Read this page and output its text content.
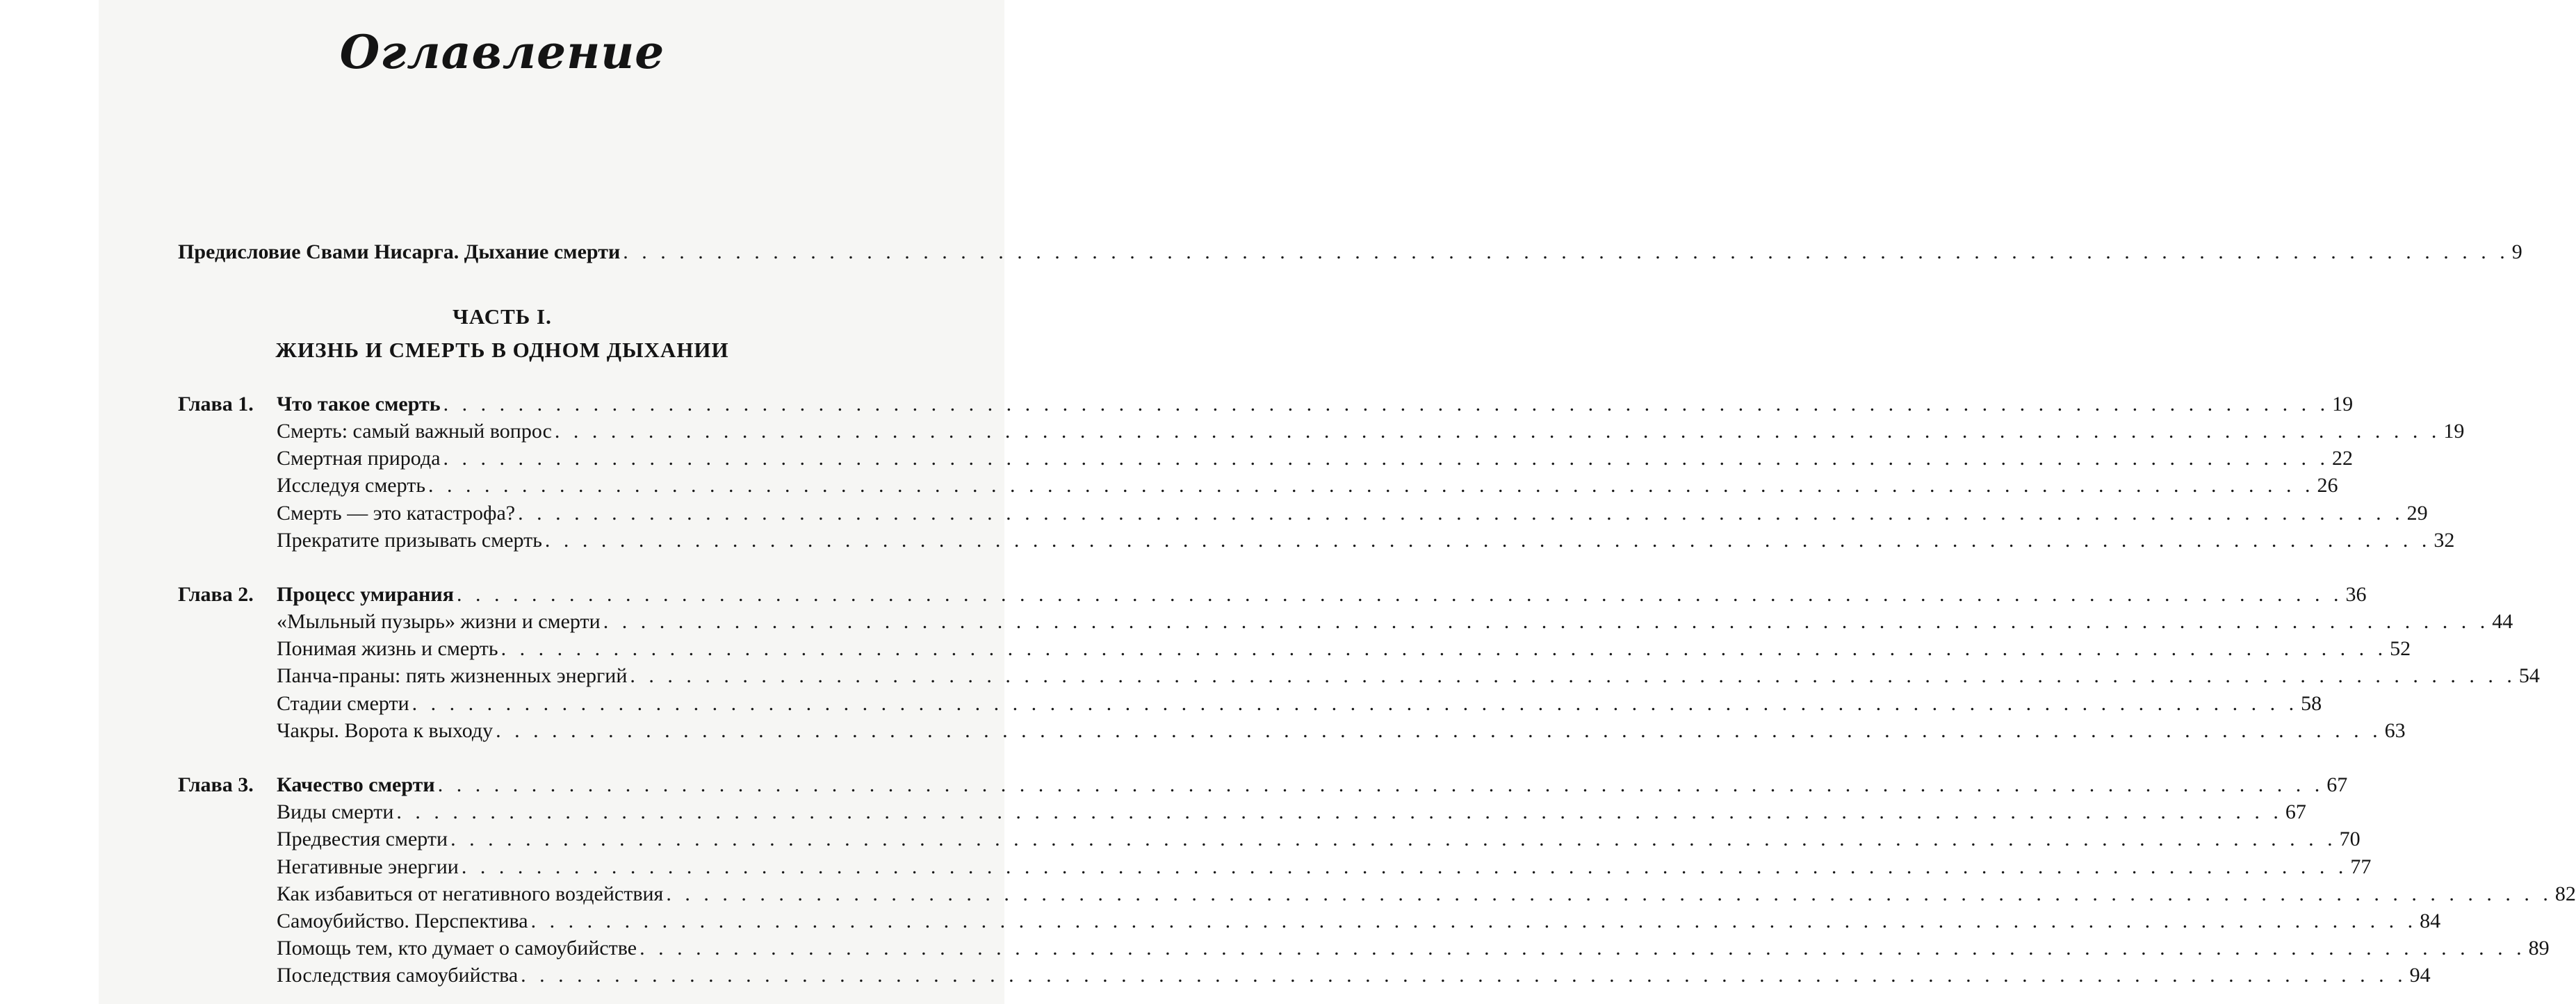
Оглавление
Предисловие Свами Нисарга. Дыхание смерти . . . . . . . . . . . . . . . . . . . . . . . . . . . . . . . . . . . . . . . . . . . . . . . . . . . . . . . . . . . . . . . . . . . . . . . . . . . . . . . . . . . . . . . . . . . . . . . . . . . . . 9
ЧАСТЬ I.
ЖИЗНЬ И СМЕРТЬ В ОДНОМ ДЫХАНИИ
Глава 1. Что такое смерть . . . . . . . . . . . . . . . . . . . . . . . . . . . . . . . . . . . . . . . . . . . . . . . . . . . . . . . . . . . . . . . . . . . . . . . . . . . . . . . . . . . . . . . . . . . . . . . . . . . . . 19
Смерть: самый важный вопрос . . . . . . . . . . . . . . . . . . . . . . . . . . . . . . . . . . . . . . . . . . . . . . . . . . . . . . . . . . . . . . . . . . . . . . . . . . . . . . . . . . . . . . . . . . . . . . . . . . . . . 19
Смертная природа . . . . . . . . . . . . . . . . . . . . . . . . . . . . . . . . . . . . . . . . . . . . . . . . . . . . . . . . . . . . . . . . . . . . . . . . . . . . . . . . . . . . . . . . . . . . . . . . . . . . . 22
Исследуя смерть . . . . . . . . . . . . . . . . . . . . . . . . . . . . . . . . . . . . . . . . . . . . . . . . . . . . . . . . . . . . . . . . . . . . . . . . . . . . . . . . . . . . . . . . . . . . . . . . . . . . . 26
Смерть — это катастрофа? . . . . . . . . . . . . . . . . . . . . . . . . . . . . . . . . . . . . . . . . . . . . . . . . . . . . . . . . . . . . . . . . . . . . . . . . . . . . . . . . . . . . . . . . . . . . . . . . . . . . . 29
Прекратите призывать смерть . . . . . . . . . . . . . . . . . . . . . . . . . . . . . . . . . . . . . . . . . . . . . . . . . . . . . . . . . . . . . . . . . . . . . . . . . . . . . . . . . . . . . . . . . . . . . . . . . . . . . 32
Глава 2. Процесс умирания . . . . . . . . . . . . . . . . . . . . . . . . . . . . . . . . . . . . . . . . . . . . . . . . . . . . . . . . . . . . . . . . . . . . . . . . . . . . . . . . . . . . . . . . . . . . . . . . . . . . . 36
«Мыльный пузырь» жизни и смерти . . . . . . . . . . . . . . . . . . . . . . . . . . . . . . . . . . . . . . . . . . . . . . . . . . . . . . . . . . . . . . . . . . . . . . . . . . . . . . . . . . . . . . . . . . . . . . . . . . . . . 44
Понимая жизнь и смерть . . . . . . . . . . . . . . . . . . . . . . . . . . . . . . . . . . . . . . . . . . . . . . . . . . . . . . . . . . . . . . . . . . . . . . . . . . . . . . . . . . . . . . . . . . . . . . . . . . . . . 52
Панча-праны: пять жизненных энергий . . . . . . . . . . . . . . . . . . . . . . . . . . . . . . . . . . . . . . . . . . . . . . . . . . . . . . . . . . . . . . . . . . . . . . . . . . . . . . . . . . . . . . . . . . . . . . . . . . . . . 54
Стадии смерти . . . . . . . . . . . . . . . . . . . . . . . . . . . . . . . . . . . . . . . . . . . . . . . . . . . . . . . . . . . . . . . . . . . . . . . . . . . . . . . . . . . . . . . . . . . . . . . . . . . . . 58
Чакры. Ворота к выходу . . . . . . . . . . . . . . . . . . . . . . . . . . . . . . . . . . . . . . . . . . . . . . . . . . . . . . . . . . . . . . . . . . . . . . . . . . . . . . . . . . . . . . . . . . . . . . . . . . . . . 63
Глава 3. Качество смерти . . . . . . . . . . . . . . . . . . . . . . . . . . . . . . . . . . . . . . . . . . . . . . . . . . . . . . . . . . . . . . . . . . . . . . . . . . . . . . . . . . . . . . . . . . . . . . . . . . . . . 67
Виды смерти . . . . . . . . . . . . . . . . . . . . . . . . . . . . . . . . . . . . . . . . . . . . . . . . . . . . . . . . . . . . . . . . . . . . . . . . . . . . . . . . . . . . . . . . . . . . . . . . . . . . . 67
Предвестия смерти . . . . . . . . . . . . . . . . . . . . . . . . . . . . . . . . . . . . . . . . . . . . . . . . . . . . . . . . . . . . . . . . . . . . . . . . . . . . . . . . . . . . . . . . . . . . . . . . . . . . . 70
Негативные энергии . . . . . . . . . . . . . . . . . . . . . . . . . . . . . . . . . . . . . . . . . . . . . . . . . . . . . . . . . . . . . . . . . . . . . . . . . . . . . . . . . . . . . . . . . . . . . . . . . . . . . 77
Как избавиться от негативного воздействия . . . . . . . . . . . . . . . . . . . . . . . . . . . . . . . . . . . . . . . . . . . . . . . . . . . . . . . . . . . . . . . . . . . . . . . . . . . . . . . . . . . . . . . . . . . . . . . . . . . . . 82
Самоубийство. Перспектива . . . . . . . . . . . . . . . . . . . . . . . . . . . . . . . . . . . . . . . . . . . . . . . . . . . . . . . . . . . . . . . . . . . . . . . . . . . . . . . . . . . . . . . . . . . . . . . . . . . . . 84
Помощь тем, кто думает о самоубийстве . . . . . . . . . . . . . . . . . . . . . . . . . . . . . . . . . . . . . . . . . . . . . . . . . . . . . . . . . . . . . . . . . . . . . . . . . . . . . . . . . . . . . . . . . . . . . . . . . . . . . 89
Последствия самоубийства . . . . . . . . . . . . . . . . . . . . . . . . . . . . . . . . . . . . . . . . . . . . . . . . . . . . . . . . . . . . . . . . . . . . . . . . . . . . . . . . . . . . . . . . . . . . . . . . . . . . . 94
